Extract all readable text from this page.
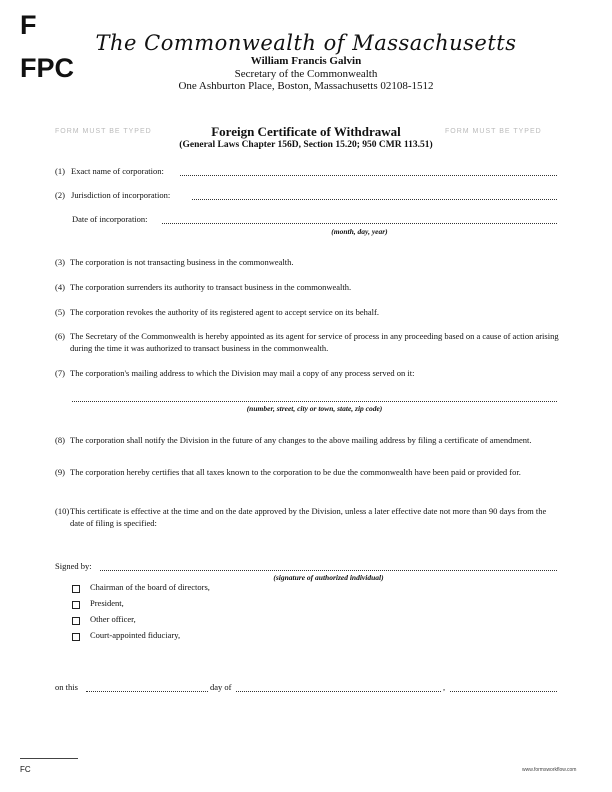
F
FPC
The Commonwealth of Massachusetts
William Francis Galvin
Secretary of the Commonwealth
One Ashburton Place, Boston, Massachusetts 02108-1512
FORM MUST BE TYPED	FORM MUST BE TYPED
Foreign Certificate of Withdrawal
(General Laws Chapter 156D, Section 15.20; 950 CMR 113.51)
(1) Exact name of corporation:
(2) Jurisdiction of incorporation:
Date of incorporation:
(month, day, year)
(3) The corporation is not transacting business in the commonwealth.
(4) The corporation surrenders its authority to transact business in the commonwealth.
(5) The corporation revokes the authority of its registered agent to accept service on its behalf.
(6) The Secretary of the Commonwealth is hereby appointed as its agent for service of process in any proceeding based on a cause of action arising during the time it was authorized to transact business in the commonwealth.
(7) The corporation's mailing address to which the Division may mail a copy of any process served on it:
(number, street, city or town, state, zip code)
(8) The corporation shall notify the Division in the future of any changes to the above mailing address by filing a certificate of amendment.
(9) The corporation hereby certifies that all taxes known to the corporation to be due the commonwealth have been paid or provided for.
(10) This certificate is effective at the time and on the date approved by the Division, unless a later effective date not more than 90 days from the date of filing is specified:
Signed by:
(signature of authorized individual)
Chairman of the board of directors,
President,
Other officer,
Court-appointed fiduciary,
on this	day of	,
FC	www.formsworkflow.com
